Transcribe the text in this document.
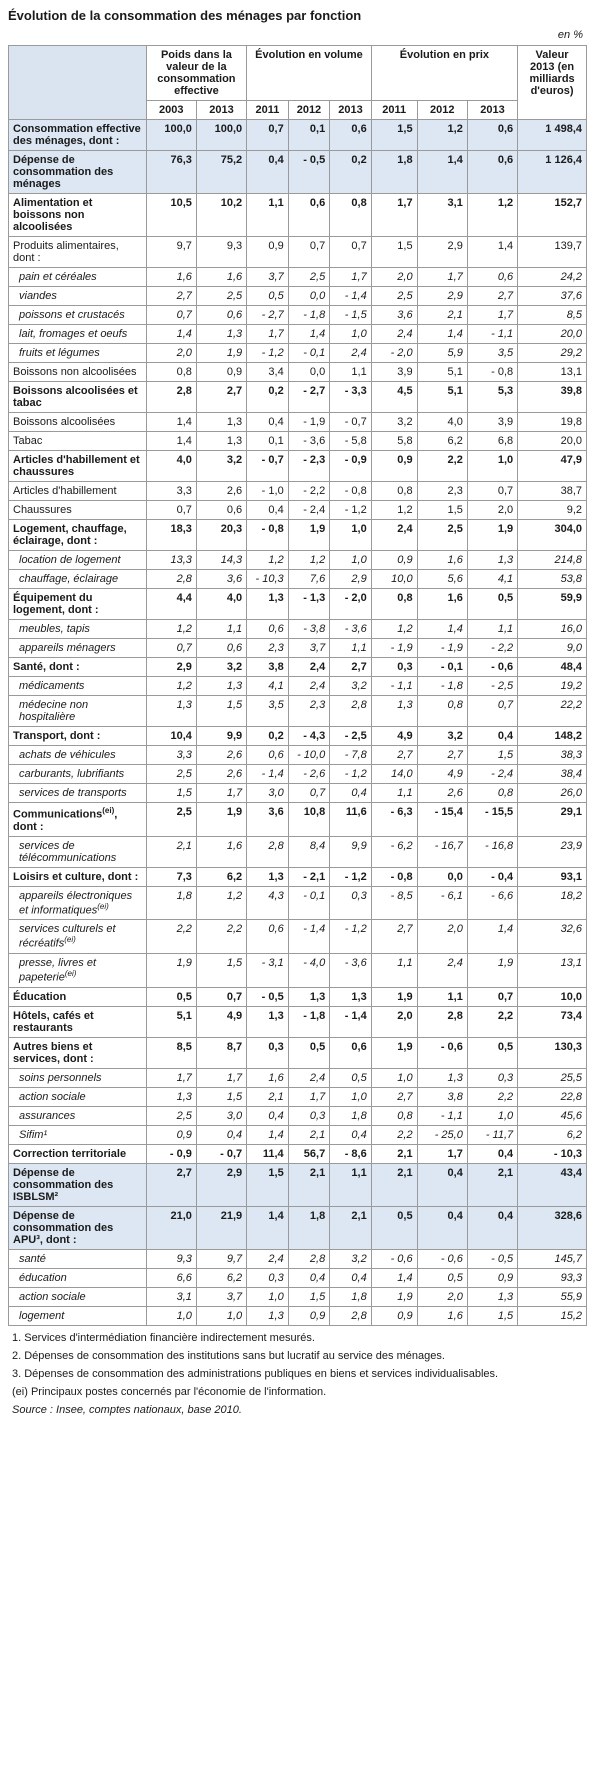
Évolution de la consommation des ménages par fonction
en %
	Poids dans la valeur de la consommation effective		Évolution en volume			Évolution en prix			Valeur 2013 (en milliards d'euros)
	2003	2013	2011	2012	2013	2011	2012	2013	
Consommation effective des ménages, dont :	100,0	100,0	0,7	0,1	0,6	1,5	1,2	0,6	1 498,4
Dépense de consommation des ménages	76,3	75,2	0,4	- 0,5	0,2	1,8	1,4	0,6	1 126,4
Alimentation et boissons non alcoolisées	10,5	10,2	1,1	0,6	0,8	1,7	3,1	1,2	152,7
Produits alimentaires, dont :	9,7	9,3	0,9	0,7	0,7	1,5	2,9	1,4	139,7
pain et céréales	1,6	1,6	3,7	2,5	1,7	2,0	1,7	0,6	24,2
viandes	2,7	2,5	0,5	0,0	- 1,4	2,5	2,9	2,7	37,6
poissons et crustacés	0,7	0,6	- 2,7	- 1,8	- 1,5	3,6	2,1	1,7	8,5
lait, fromages et oeufs	1,4	1,3	1,7	1,4	1,0	2,4	1,4	- 1,1	20,0
fruits et légumes	2,0	1,9	- 1,2	- 0,1	2,4	- 2,0	5,9	3,5	29,2
Boissons non alcoolisées	0,8	0,9	3,4	0,0	1,1	3,9	5,1	- 0,8	13,1
Boissons alcoolisées et tabac	2,8	2,7	0,2	- 2,7	- 3,3	4,5	5,1	5,3	39,8
Boissons alcoolisées	1,4	1,3	0,4	- 1,9	- 0,7	3,2	4,0	3,9	19,8
Tabac	1,4	1,3	0,1	- 3,6	- 5,8	5,8	6,2	6,8	20,0
Articles d'habillement et chaussures	4,0	3,2	- 0,7	- 2,3	- 0,9	0,9	2,2	1,0	47,9
Articles d'habillement	3,3	2,6	- 1,0	- 2,2	- 0,8	0,8	2,3	0,7	38,7
Chaussures	0,7	0,6	0,4	- 2,4	- 1,2	1,2	1,5	2,0	9,2
Logement, chauffage, éclairage, dont :	18,3	20,3	- 0,8	1,9	1,0	2,4	2,5	1,9	304,0
location de logement	13,3	14,3	1,2	1,2	1,0	0,9	1,6	1,3	214,8
chauffage, éclairage	2,8	3,6	- 10,3	7,6	2,9	10,0	5,6	4,1	53,8
Équipement du logement, dont :	4,4	4,0	1,3	- 1,3	- 2,0	0,8	1,6	0,5	59,9
meubles, tapis	1,2	1,1	0,6	- 3,8	- 3,6	1,2	1,4	1,1	16,0
appareils ménagers	0,7	0,6	2,3	3,7	1,1	- 1,9	- 1,9	- 2,2	9,0
Santé, dont :	2,9	3,2	3,8	2,4	2,7	0,3	- 0,1	- 0,6	48,4
médicaments	1,2	1,3	4,1	2,4	3,2	- 1,1	- 1,8	- 2,5	19,2
médecine non hospitalière	1,3	1,5	3,5	2,3	2,8	1,3	0,8	0,7	22,2
Transport, dont :	10,4	9,9	0,2	- 4,3	- 2,5	4,9	3,2	0,4	148,2
achats de véhicules	3,3	2,6	0,6	- 10,0	- 7,8	2,7	2,7	1,5	38,3
carburants, lubrifiants	2,5	2,6	- 1,4	- 2,6	- 1,2	14,0	4,9	- 2,4	38,4
services de transports	1,5	1,7	3,0	0,7	0,4	1,1	2,6	0,8	26,0
Communications$^{(ei)}$, dont :	2,5	1,9	3,6	10,8	11,6	- 6,3	- 15,4	- 15,5	29,1
services de télécommunications	2,1	1,6	2,8	8,4	9,9	- 6,2	- 16,7	- 16,8	23,9
Loisirs et culture, dont :	7,3	6,2	1,3	- 2,1	- 1,2	- 0,8	0,0	- 0,4	93,1
appareils électroniques et informatiques$^{(ei)}$	1,8	1,2	4,3	- 0,1	0,3	- 8,5	- 6,1	- 6,6	18,2
services culturels et récréatifs$^{(ei)}$	2,2	2,2	0,6	- 1,4	- 1,2	2,7	2,0	1,4	32,6
presse, livres et papeterie$^{(ei)}$	1,9	1,5	- 3,1	- 4,0	- 3,6	1,1	2,4	1,9	13,1
Éducation	0,5	0,7	- 0,5	1,3	1,3	1,9	1,1	0,7	10,0
Hôtels, cafés et restaurants	5,1	4,9	1,3	- 1,8	- 1,4	2,0	2,8	2,2	73,4
Autres biens et services, dont :	8,5	8,7	0,3	0,5	0,6	1,9	- 0,6	0,5	130,3
soins personnels	1,7	1,7	1,6	2,4	0,5	1,0	1,3	0,3	25,5
action sociale	1,3	1,5	2,1	1,7	1,0	2,7	3,8	2,2	22,8
assurances	2,5	3,0	0,4	0,3	1,8	0,8	- 1,1	1,0	45,6
Sifim¹	0,9	0,4	1,4	2,1	0,4	2,2	- 25,0	- 11,7	6,2
Correction territoriale	- 0,9	- 0,7	11,4	56,7	- 8,6	2,1	1,7	0,4	- 10,3
Dépense de consommation des ISBLSM²	2,7	2,9	1,5	2,1	1,1	2,1	0,4	2,1	43,4
Dépense de consommation des APU³, dont :	21,0	21,9	1,4	1,8	2,1	0,5	0,4	0,4	328,6
santé	9,3	9,7	2,4	2,8	3,2	- 0,6	- 0,6	- 0,5	145,7
éducation	6,6	6,2	0,3	0,4	0,4	1,4	0,5	0,9	93,3
action sociale	3,1	3,7	1,0	1,5	1,8	1,9	2,0	1,3	55,9
logement	1,0	1,0	1,3	0,9	2,8	0,9	1,6	1,5	15,2
1. Services d'intermédiation financière indirectement mesurés.
2. Dépenses de consommation des institutions sans but lucratif au service des ménages.
3. Dépenses de consommation des administrations publiques en biens et services individualisables.
(ei) Principaux postes concernés par l'économie de l'information.
Source : Insee, comptes nationaux, base 2010.
